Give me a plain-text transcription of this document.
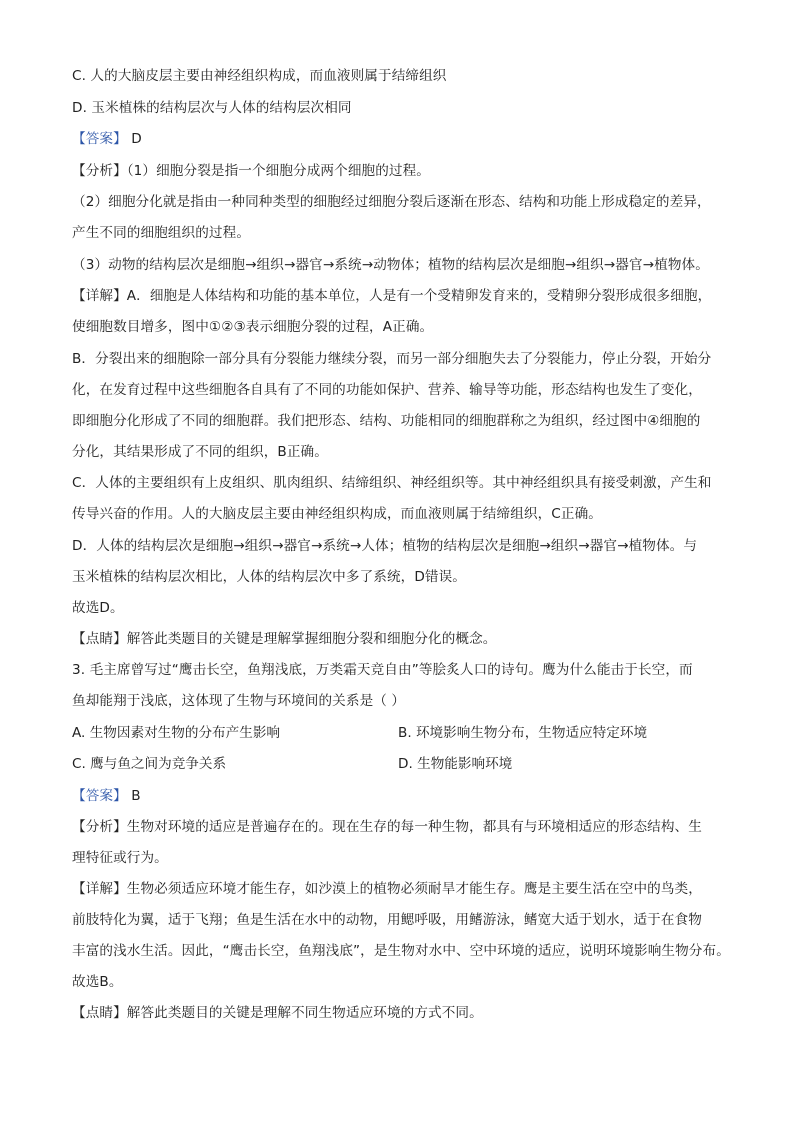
C. 人的大脑皮层主要由神经组织构成，而血液则属于结缔组织
D. 玉米植株的结构层次与人体的结构层次相同
【答案】 D
【分析】（1）细胞分裂是指一个细胞分成两个细胞的过程。
（2）细胞分化就是指由一种同种类型的细胞经过细胞分裂后逐渐在形态、结构和功能上形成稳定的差异，
产生不同的细胞组织的过程。
（3）动物的结构层次是细胞→组织→器官→系统→动物体；植物的结构层次是细胞→组织→器官→植物体。
【详解】A．细胞是人体结构和功能的基本单位，人是有一个受精卵发育来的，受精卵分裂形成很多细胞，
使细胞数目增多，图中①②③表示细胞分裂的过程，A正确。
B．分裂出来的细胞除一部分具有分裂能力继续分裂，而另一部分细胞失去了分裂能力，停止分裂，开始分
化，在发育过程中这些细胞各自具有了不同的功能如保护、营养、输导等功能，形态结构也发生了变化，
即细胞分化形成了不同的细胞群。我们把形态、结构、功能相同的细胞群称之为组织，经过图中④细胞的
分化，其结果形成了不同的组织，B正确。
C．人体的主要组织有上皮组织、肌肉组织、结缔组织、神经组织等。其中神经组织具有接受刺激，产生和
传导兴奋的作用。人的大脑皮层主要由神经组织构成，而血液则属于结缔组织，C正确。
D．人体的结构层次是细胞→组织→器官→系统→人体；植物的结构层次是细胞→组织→器官→植物体。与
玉米植株的结构层次相比，人体的结构层次中多了系统，D错误。
故选D。
【点睛】解答此类题目的关键是理解掌握细胞分裂和细胞分化的概念。
3. 毛主席曾写过“鹰击长空，鱼翔浅底，万类霜天竞自由”等脍炙人口的诗句。鹰为什么能击于长空，而
鱼却能翔于浅底，这体现了生物与环境间的关系是（ ）
A. 生物因素对生物的分布产生影响	B. 环境影响生物分布，生物适应特定环境
C. 鹰与鱼之间为竞争关系	D. 生物能影响环境
【答案】 B
【分析】生物对环境的适应是普遍存在的。现在生存的每一种生物，都具有与环境相适应的形态结构、生
理特征或行为。
【详解】生物必须适应环境才能生存，如沙漠上的植物必须耐旱才能生存。鹰是主要生活在空中的鸟类，
前肢特化为翼，适于飞翔；鱼是生活在水中的动物，用鳃呼吸，用鳍游泳，鳍宽大适于划水，适于在食物
丰富的浅水生活。因此，“鹰击长空，鱼翔浅底”，是生物对水中、空中环境的适应，说明环境影响生物分布。
故选B。
【点睛】解答此类题目的关键是理解不同生物适应环境的方式不同。
